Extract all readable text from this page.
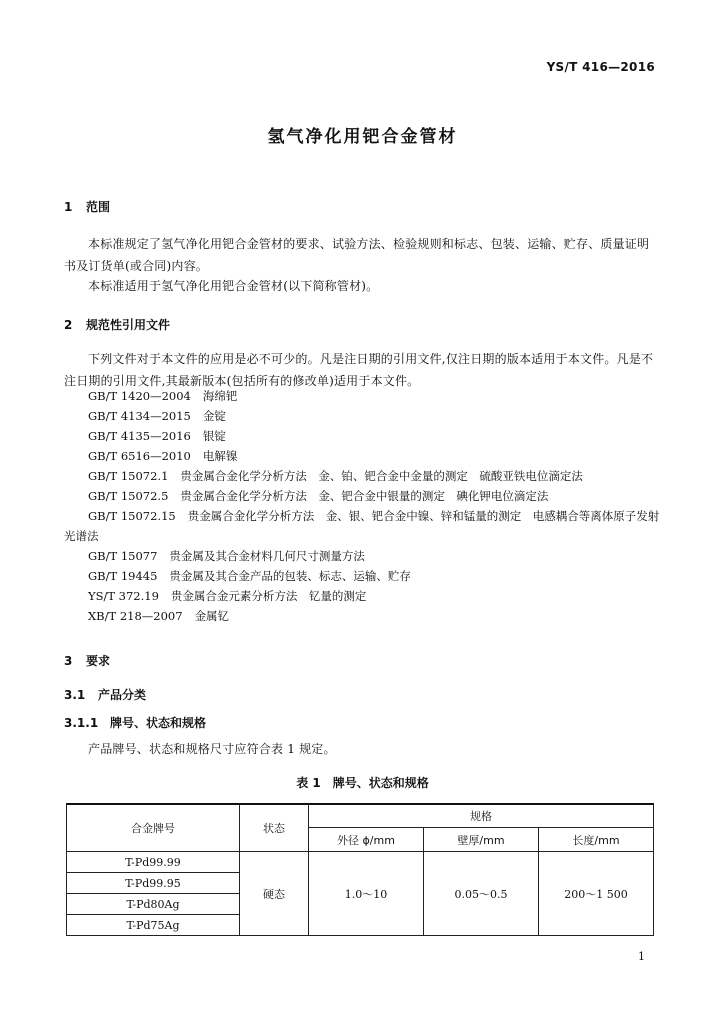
YS/T 416—2016
氢气净化用钯合金管材
1 范围
本标准规定了氢气净化用钯合金管材的要求、试验方法、检验规则和标志、包装、运输、贮存、质量证明书及订货单(或合同)内容。
本标准适用于氢气净化用钯合金管材(以下简称管材)。
2 规范性引用文件
下列文件对于本文件的应用是必不可少的。凡是注日期的引用文件,仅注日期的版本适用于本文件。凡是不注日期的引用文件,其最新版本(包括所有的修改单)适用于本文件。
GB/T 1420—2004 海绵钯
GB/T 4134—2015 金锭
GB/T 4135—2016 银锭
GB/T 6516—2010 电解镍
GB/T 15072.1 贵金属合金化学分析方法　金、铂、钯合金中金量的测定　硫酸亚铁电位滴定法
GB/T 15072.5 贵金属合金化学分析方法　金、钯合金中银量的测定　碘化钾电位滴定法
GB/T 15072.15 贵金属合金化学分析方法　金、银、钯合金中镍、锌和锰量的测定　电感耦合等离体原子发射光谱法
GB/T 15077 贵金属及其合金材料几何尺寸测量方法
GB/T 19445 贵金属及其合金产品的包装、标志、运输、贮存
YS/T 372.19 贵金属合金元素分析方法　钇量的测定
XB/T 218—2007 金属钇
3 要求
3.1 产品分类
3.1.1 牌号、状态和规格
产品牌号、状态和规格尺寸应符合表 1 规定。
表 1　牌号、状态和规格
合金牌号	状态	规格		
		外径 ϕ/mm	壁厚/mm	长度/mm
T-Pd99.99	硬态	1.0～10	0.05～0.5	200～1 500
T-Pd99.95				
T-Pd80Ag				
T-Pd75Ag				
1
